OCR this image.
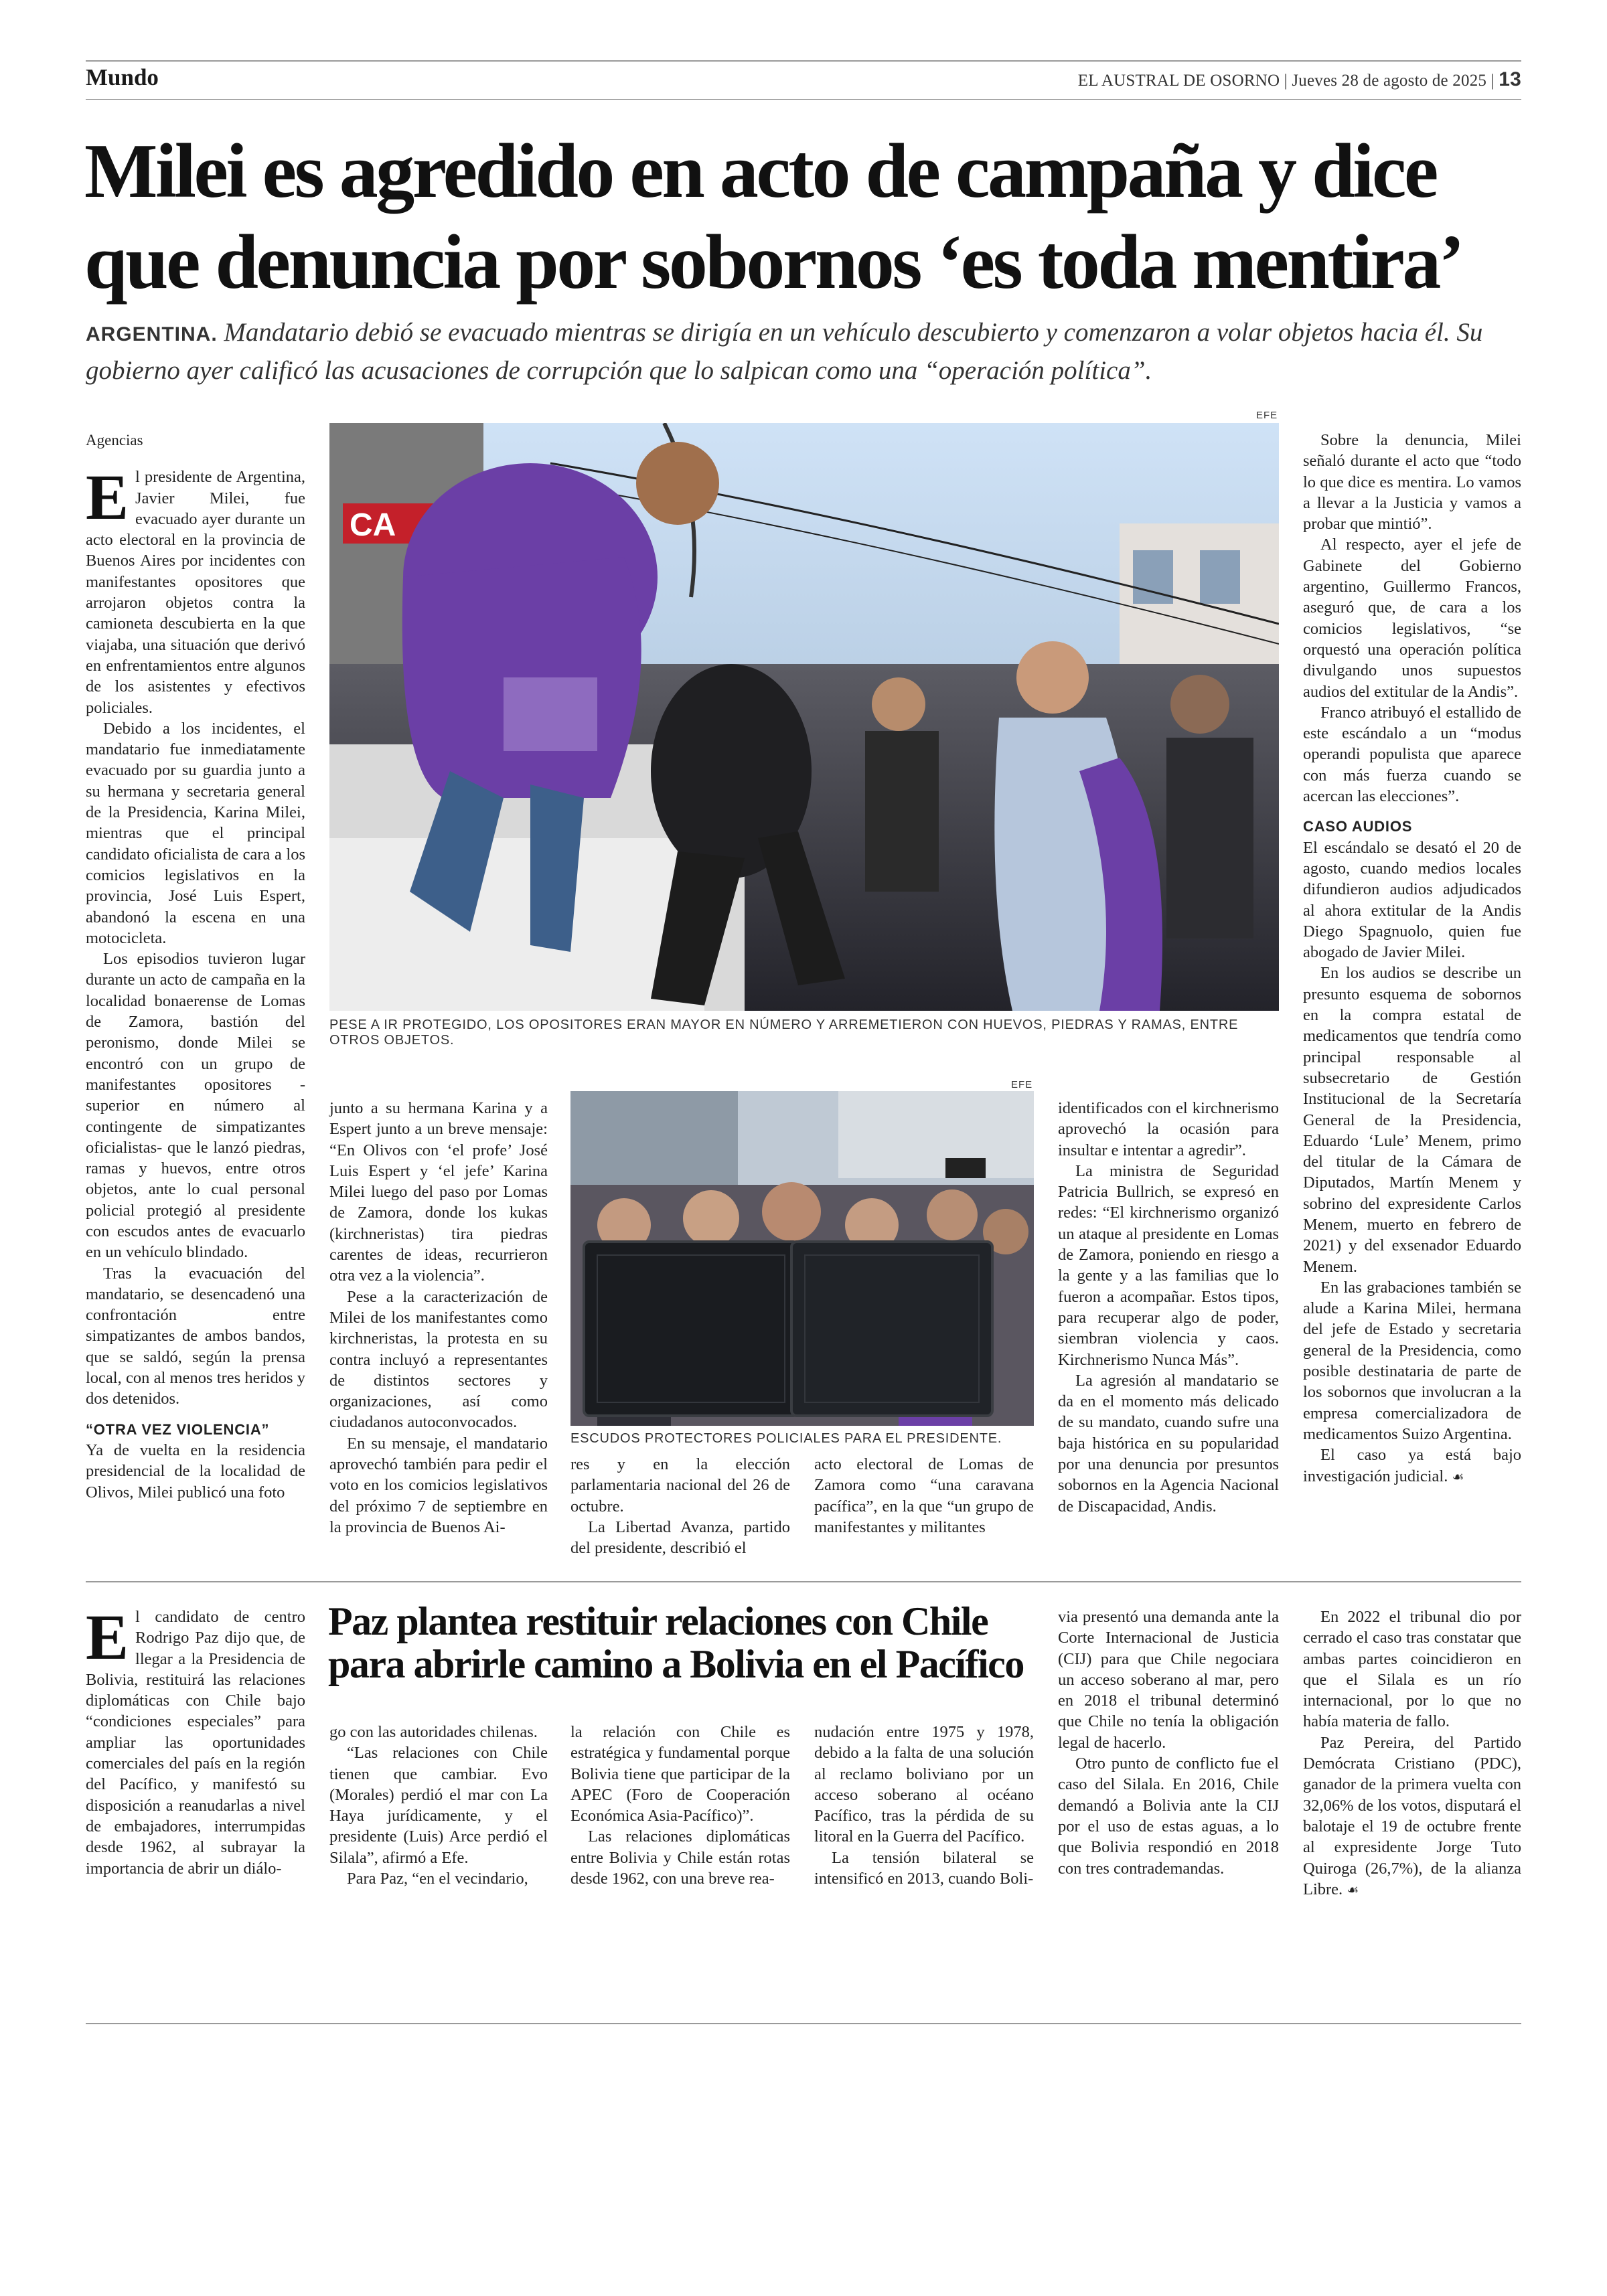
Mundo	EL AUSTRAL DE OSORNO | Jueves 28 de agosto de 2025 | 13
Milei es agredido en acto de campaña y dice que denuncia por sobornos ‘es toda mentira’
ARGENTINA. Mandatario debió se evacuado mientras se dirigía en un vehículo descubierto y comenzaron a volar objetos hacia él. Su gobierno ayer calificó las acusaciones de corrupción que lo salpican como una “operación política”.
EFE
CA
PESE A IR PROTEGIDO, LOS OPOSITORES ERAN MAYOR EN NÚMERO Y ARREMETIERON CON HUEVOS, PIEDRAS Y RAMAS, ENTRE OTROS OBJETOS.
EFE
ESCUDOS PROTECTORES POLICIALES PARA EL PRESIDENTE.

Agencias

El presidente de Argentina, Javier Milei, fue evacuado ayer durante un acto electoral en la provincia de Buenos Aires por incidentes con manifestantes opositores que arrojaron objetos contra la camioneta descubierta en la que viajaba, una situación que derivó en enfrentamientos entre algunos de los asistentes y efectivos policiales.

Debido a los incidentes, el mandatario fue inmediatamente evacuado por su guardia junto a su hermana y secretaria general de la Presidencia, Karina Milei, mientras que el principal candidato oficialista de cara a los comicios legislativos en la provincia, José Luis Espert, abandonó la escena en una motocicleta.

Los episodios tuvieron lugar durante un acto de campaña en la localidad bonaerense de Lomas de Zamora, bastión del peronismo, donde Milei se encontró con un grupo de manifestantes opositores -superior en número al contingente de simpatizantes oficialistas- que le lanzó piedras, ramas y huevos, entre otros objetos, ante lo cual personal policial protegió al presidente con escudos antes de evacuarlo en un vehículo blindado.

Tras la evacuación del mandatario, se desencadenó una confrontación entre simpatizantes de ambos bandos, que se saldó, según la prensa local, con al menos tres heridos y dos detenidos.

“OTRA VEZ VIOLENCIA”

Ya de vuelta en la residencia presidencial de la localidad de Olivos, Milei publicó una foto

junto a su hermana Karina y a Espert junto a un breve mensaje: “En Olivos con ‘el profe’ José Luis Espert y ‘el jefe’ Karina Milei luego del paso por Lomas de Zamora, donde los kukas (kirchneristas) tira piedras carentes de ideas, recurrieron otra vez a la violencia”.

Pese a la caracterización de Milei de los manifestantes como kirchneristas, la protesta en su contra incluyó a representantes de distintos sectores y organizaciones, así como ciudadanos autoconvocados.

En su mensaje, el mandatario aprovechó también para pedir el voto en los comicios legislativos del próximo 7 de septiembre en la provincia de Buenos Ai-

res y en la elección parlamentaria nacional del 26 de octubre.

La Libertad Avanza, partido del presidente, describió el

acto electoral de Lomas de Zamora como “una caravana pacífica”, en la que “un grupo de manifestantes y militantes

identificados con el kirchnerismo aprovechó la ocasión para insultar e intentar a agredir”.

La ministra de Seguridad Patricia Bullrich, se expresó en redes: “El kirchnerismo organizó un ataque al presidente en Lomas de Zamora, poniendo en riesgo a la gente y a las familias que lo fueron a acompañar. Estos tipos, para recuperar algo de poder, siembran violencia y caos. Kirchnerismo Nunca Más”.

La agresión al mandatario se da en el momento más delicado de su mandato, cuando sufre una baja histórica en su popularidad por una denuncia por presuntos sobornos en la Agencia Nacional de Discapacidad, Andis.

Sobre la denuncia, Milei señaló durante el acto que “todo lo que dice es mentira. Lo vamos a llevar a la Justicia y vamos a probar que mintió”.

Al respecto, ayer el jefe de Gabinete del Gobierno argentino, Guillermo Francos, aseguró que, de cara a los comicios legislativos, “se orquestó una operación política divulgando unos supuestos audios del extitular de la Andis”.

Franco atribuyó el estallido de este escándalo a un “modus operandi populista que aparece con más fuerza cuando se acercan las elecciones”.

CASO AUDIOS

El escándalo se desató el 20 de agosto, cuando medios locales difundieron audios adjudicados al ahora extitular de la Andis Diego Spagnuolo, quien fue abogado de Javier Milei.

En los audios se describe un presunto esquema de sobornos en la compra estatal de medicamentos que tendría como principal responsable al subsecretario de Gestión Institucional de la Secretaría General de la Presidencia, Eduardo ‘Lule’ Menem, primo del titular de la Cámara de Diputados, Martín Menem y sobrino del expresidente Carlos Menem, muerto en febrero de 2021) y del exsenador Eduardo Menem.

En las grabaciones también se alude a Karina Milei, hermana del jefe de Estado y secretaria general de la Presidencia, como posible destinataria de parte de los sobornos que involucran a la empresa comercializadora de medicamentos Suizo Argentina.

El caso ya está bajo investigación judicial. ☙

Paz plantea restituir relaciones con Chile para abrirle camino a Bolivia en el Pacífico

El candidato de centro Rodrigo Paz dijo que, de llegar a la Presidencia de Bolivia, restituirá las relaciones diplomáticas con Chile bajo “condiciones especiales” para ampliar las oportunidades comerciales del país en la región del Pacífico, y manifestó su disposición a reanudarlas a nivel de embajadores, interrumpidas desde 1962, al subrayar la importancia de abrir un diálo-

go con las autoridades chilenas.

“Las relaciones con Chile tienen que cambiar. Evo (Morales) perdió el mar con La Haya jurídicamente, y el presidente (Luis) Arce perdió el Silala”, afirmó a Efe.

Para Paz, “en el vecindario,

la relación con Chile es estratégica y fundamental porque Bolivia tiene que participar de la APEC (Foro de Cooperación Económica Asia-Pacífico)”.

Las relaciones diplomáticas entre Bolivia y Chile están rotas desde 1962, con una breve rea-

nudación entre 1975 y 1978, debido a la falta de una solución al reclamo boliviano por un acceso soberano al océano Pacífico, tras la pérdida de su litoral en la Guerra del Pacífico.

La tensión bilateral se intensificó en 2013, cuando Boli-

via presentó una demanda ante la Corte Internacional de Justicia (CIJ) para que Chile negociara un acceso soberano al mar, pero en 2018 el tribunal determinó que Chile no tenía la obligación legal de hacerlo.

Otro punto de conflicto fue el caso del Silala. En 2016, Chile demandó a Bolivia ante la CIJ por el uso de estas aguas, a lo que Bolivia respondió en 2018 con tres contrademandas.

En 2022 el tribunal dio por cerrado el caso tras constatar que ambas partes coincidieron en que el Silala es un río internacional, por lo que no había materia de fallo.

Paz Pereira, del Partido Demócrata Cristiano (PDC), ganador de la primera vuelta con 32,06% de los votos, disputará el balotaje el 19 de octubre frente al expresidente Jorge Tuto Quiroga (26,7%), de la alianza Libre. ☙
